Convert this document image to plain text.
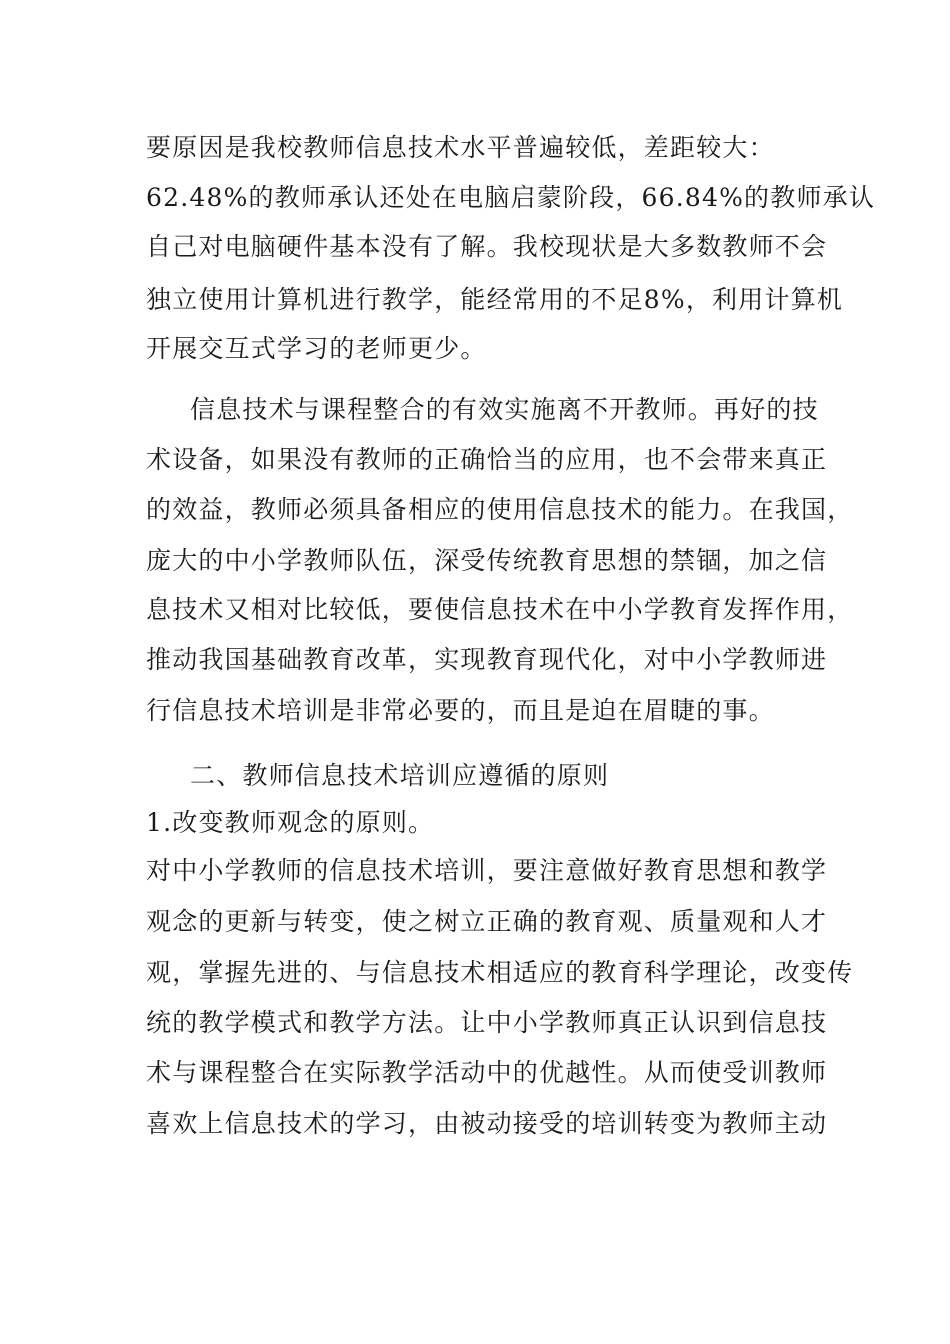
要原因是我校教师信息技术水平普遍较低，差距较大：
62.48%的教师承认还处在电脑启蒙阶段，66.84%的教师承认
自己对电脑硬件基本没有了解。我校现状是大多数教师不会
独立使用计算机进行教学，能经常用的不足8%，利用计算机
开展交互式学习的老师更少。
信息技术与课程整合的有效实施离不开教师。再好的技
术设备，如果没有教师的正确恰当的应用，也不会带来真正
的效益，教师必须具备相应的使用信息技术的能力。在我国，
庞大的中小学教师队伍，深受传统教育思想的禁锢，加之信
息技术又相对比较低，要使信息技术在中小学教育发挥作用，
推动我国基础教育改革，实现教育现代化，对中小学教师进
行信息技术培训是非常必要的，而且是迫在眉睫的事。
二、教师信息技术培训应遵循的原则
1.改变教师观念的原则。
对中小学教师的信息技术培训，要注意做好教育思想和教学
观念的更新与转变，使之树立正确的教育观、质量观和人才
观，掌握先进的、与信息技术相适应的教育科学理论，改变传
统的教学模式和教学方法。让中小学教师真正认识到信息技
术与课程整合在实际教学活动中的优越性。从而使受训教师
喜欢上信息技术的学习，由被动接受的培训转变为教师主动
